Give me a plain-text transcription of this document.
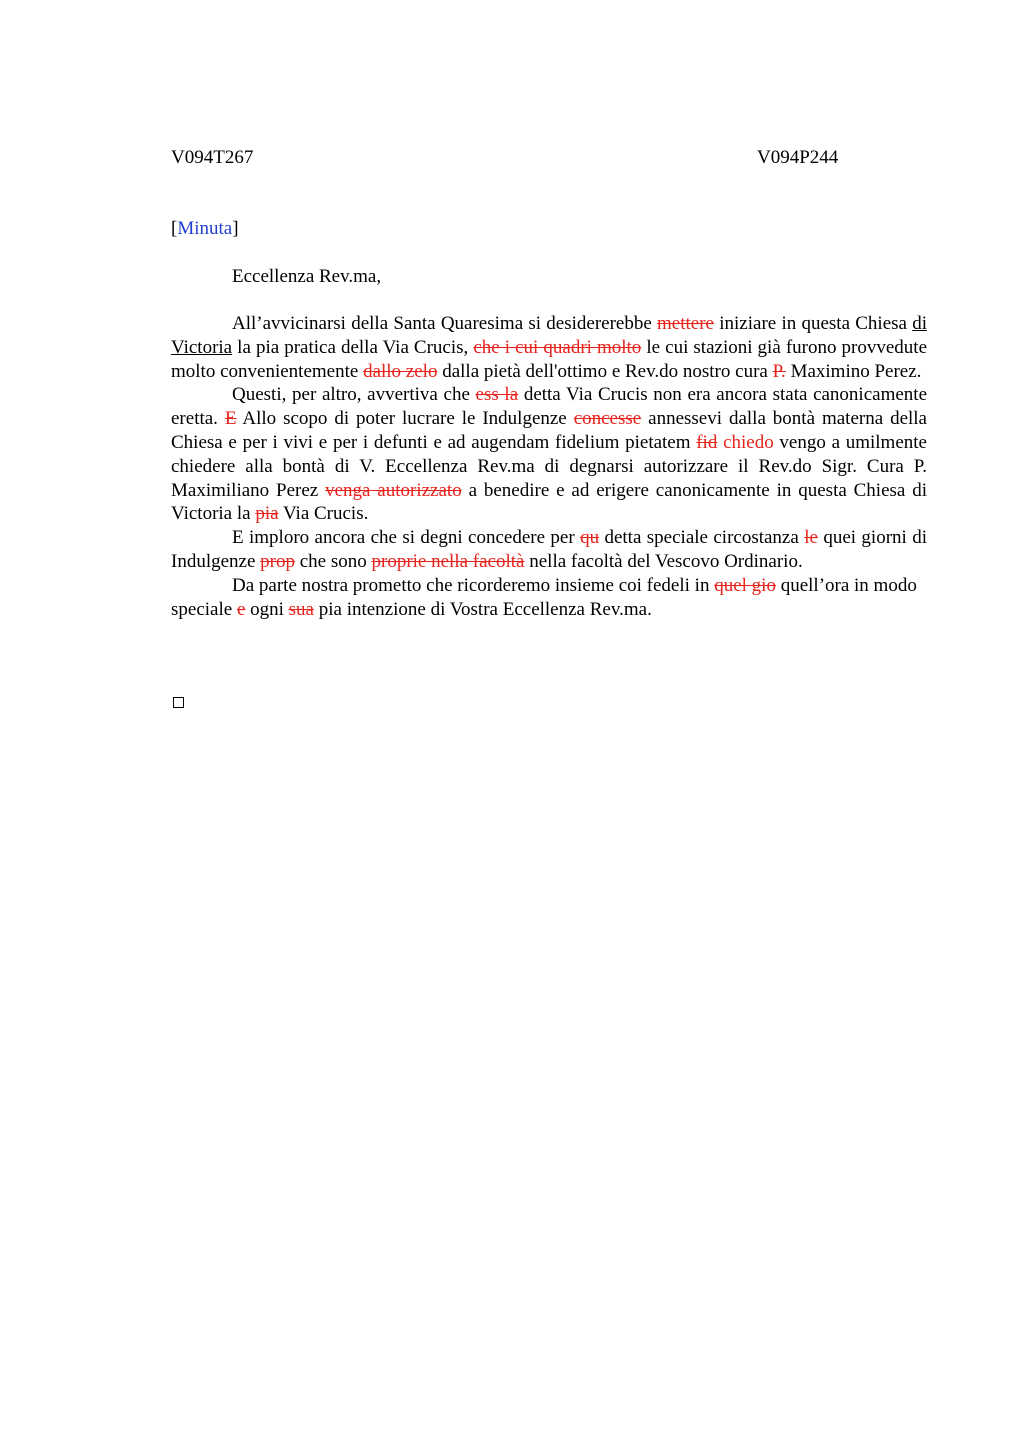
V094T267	V094P244
[Minuta]
Eccellenza Rev.ma,

All’avvicinarsi della Santa Quaresima si desidererebbe mettere iniziare in questa Chiesa di Victoria la pia pratica della Via Crucis, che i cui quadri molto le cui stazioni già furono provvedute molto convenientemente dallo zelo dalla pietà dell'ottimo e Rev.do nostro cura P. Maximino Perez.

Questi, per altro, avvertiva che ess la detta Via Crucis non era ancora stata canonicamente eretta. E Allo scopo di poter lucrare le Indulgenze concesse annessevi dalla bontà materna della Chiesa e per i vivi e per i defunti e ad augendam fidelium pietatem fid chiedo vengo a umilmente chiedere alla bontà di V. Eccellenza Rev.ma di degnarsi autorizzare il Rev.do Sigr. Cura P. Maximiliano Perez venga autorizzato a benedire e ad erigere canonicamente in questa Chiesa di Victoria la pia Via Crucis.

E imploro ancora che si degni concedere per qu detta speciale circostanza le quei giorni di Indulgenze prop che sono proprie nella facoltà nella facoltà del Vescovo Ordinario.

Da parte nostra prometto che ricorderemo insieme coi fedeli in quel gio quell’ora in modo speciale e ogni sua pia intenzione di Vostra Eccellenza Rev.ma.
